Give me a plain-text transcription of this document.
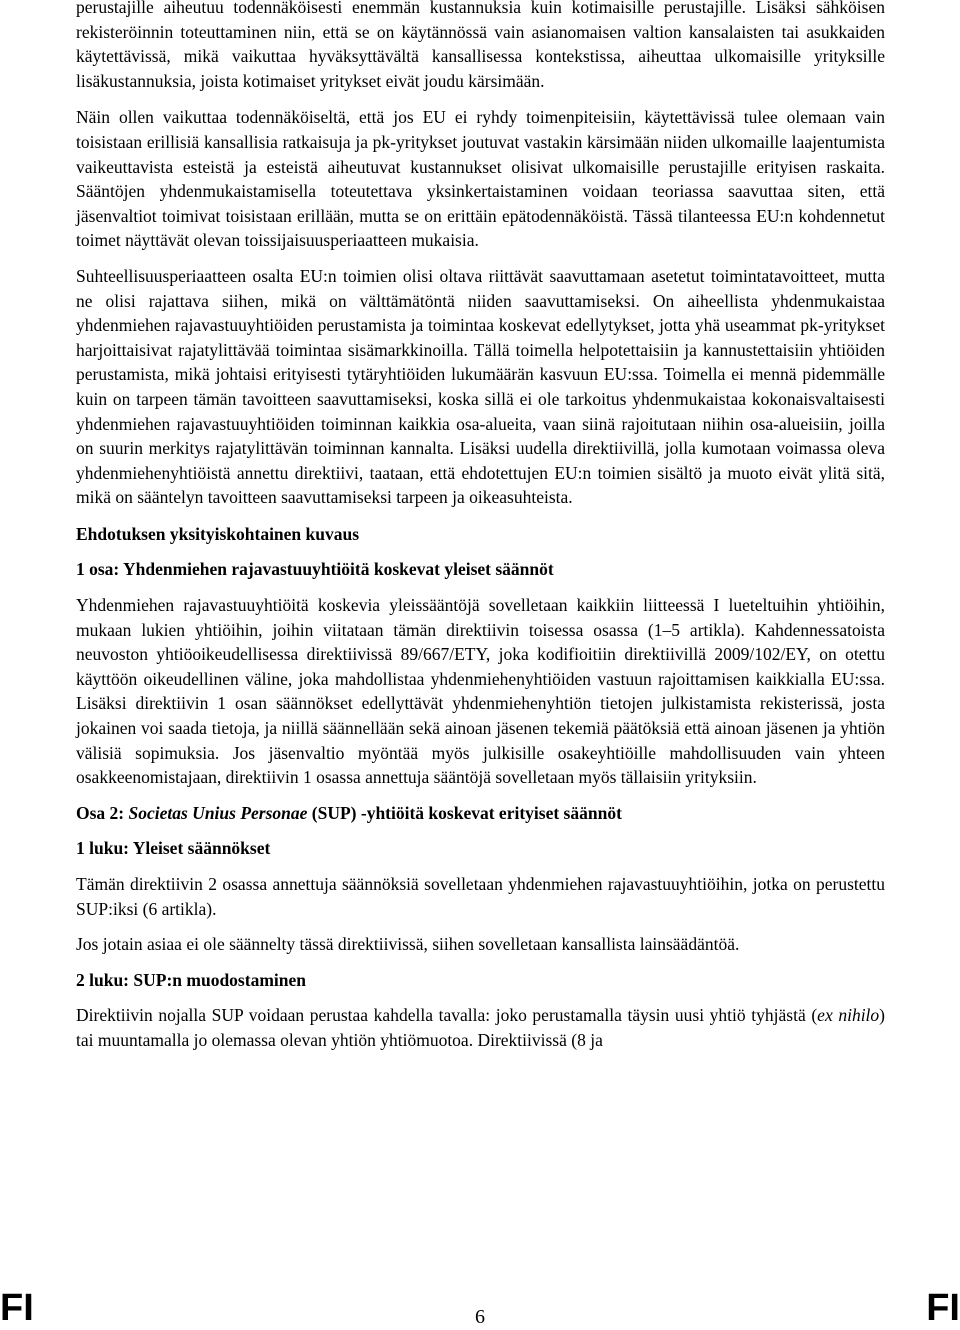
perustajille aiheutuu todennäköisesti enemmän kustannuksia kuin kotimaisille perustajille. Lisäksi sähköisen rekisteröinnin toteuttaminen niin, että se on käytännössä vain asianomaisen valtion kansalaisten tai asukkaiden käytettävissä, mikä vaikuttaa hyväksyttävältä kansallisessa kontekstissa, aiheuttaa ulkomaisille yrityksille lisäkustannuksia, joista kotimaiset yritykset eivät joudu kärsimään.

Näin ollen vaikuttaa todennäköiseltä, että jos EU ei ryhdy toimenpiteisiin, käytettävissä tulee olemaan vain toisistaan erillisiä kansallisia ratkaisuja ja pk-yritykset joutuvat vastakin kärsimään niiden ulkomaille laajentumista vaikeuttavista esteistä ja esteistä aiheutuvat kustannukset olisivat ulkomaisille perustajille erityisen raskaita. Sääntöjen yhdenmukaistamisella toteutettava yksinkertaistaminen voidaan teoriassa saavuttaa siten, että jäsenvaltiot toimivat toisistaan erillään, mutta se on erittäin epätodennäköistä. Tässä tilanteessa EU:n kohdennetut toimet näyttävät olevan toissijaisuusperiaatteen mukaisia.

Suhteellisuusperiaatteen osalta EU:n toimien olisi oltava riittävät saavuttamaan asetetut toimintatavoitteet, mutta ne olisi rajattava siihen, mikä on välttämätöntä niiden saavuttamiseksi. On aiheellista yhdenmukaistaa yhdenmiehen rajavastuuyhtiöiden perustamista ja toimintaa koskevat edellytykset, jotta yhä useammat pk-yritykset harjoittaisivat rajatylittävää toimintaa sisämarkkinoilla. Tällä toimella helpotettaisiin ja kannustettaisiin yhtiöiden perustamista, mikä johtaisi erityisesti tytäryhtiöiden lukumäärän kasvuun EU:ssa. Toimella ei mennä pidemmälle kuin on tarpeen tämän tavoitteen saavuttamiseksi, koska sillä ei ole tarkoitus yhdenmukaistaa kokonaisvaltaisesti yhdenmiehen rajavastuuyhtiöiden toiminnan kaikkia osa-alueita, vaan siinä rajoitutaan niihin osa-alueisiin, joilla on suurin merkitys rajatylittävän toiminnan kannalta. Lisäksi uudella direktiivillä, jolla kumotaan voimassa oleva yhdenmiehenyhtiöistä annettu direktiivi, taataan, että ehdotettujen EU:n toimien sisältö ja muoto eivät ylitä sitä, mikä on sääntelyn tavoitteen saavuttamiseksi tarpeen ja oikeasuhteista.

Ehdotuksen yksityiskohtainen kuvaus

1 osa: Yhdenmiehen rajavastuuyhtiöitä koskevat yleiset säännöt

Yhdenmiehen rajavastuuyhtiöitä koskevia yleissääntöjä sovelletaan kaikkiin liitteessä I lueteltuihin yhtiöihin, mukaan lukien yhtiöihin, joihin viitataan tämän direktiivin toisessa osassa (1–5 artikla). Kahdennessatoista neuvoston yhtiöoikeudellisessa direktiivissä 89/667/ETY, joka kodifioitiin direktiivillä 2009/102/EY, on otettu käyttöön oikeudellinen väline, joka mahdollistaa yhdenmiehenyhtiöiden vastuun rajoittamisen kaikkialla EU:ssa. Lisäksi direktiivin 1 osan säännökset edellyttävät yhdenmiehenyhtiön tietojen julkistamista rekisterissä, josta jokainen voi saada tietoja, ja niillä säännellään sekä ainoan jäsenen tekemiä päätöksiä että ainoan jäsenen ja yhtiön välisiä sopimuksia. Jos jäsenvaltio myöntää myös julkisille osakeyhtiöille mahdollisuuden vain yhteen osakkeenomistajaan, direktiivin 1 osassa annettuja sääntöjä sovelletaan myös tällaisiin yrityksiin.

Osa 2: Societas Unius Personae (SUP) -yhtiöitä koskevat erityiset säännöt

1 luku: Yleiset säännökset

Tämän direktiivin 2 osassa annettuja säännöksiä sovelletaan yhdenmiehen rajavastuuyhtiöihin, jotka on perustettu SUP:iksi (6 artikla).

Jos jotain asiaa ei ole säännelty tässä direktiivissä, siihen sovelletaan kansallista lainsäädäntöä.

2 luku: SUP:n muodostaminen

Direktiivin nojalla SUP voidaan perustaa kahdella tavalla: joko perustamalla täysin uusi yhtiö tyhjästä (ex nihilo) tai muuntamalla jo olemassa olevan yhtiön yhtiömuotoa. Direktiivissä (8 ja

FI	6	FI
